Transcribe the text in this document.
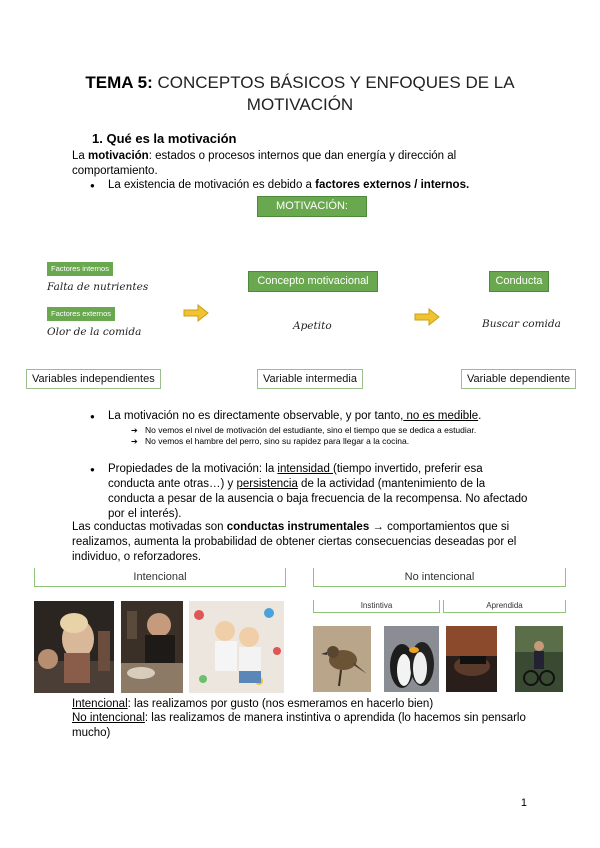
TEMA 5: CONCEPTOS BÁSICOS Y ENFOQUES DE LA MOTIVACIÓN
1. Qué es la motivación
La motivación: estados o procesos internos que dan energía y dirección al comportamiento.
● La existencia de motivación es debido a factores externos / internos.
MOTIVACIÓN:
Factores internos
Falta de nutrientes
Factores externos
Olor de la comida
Concepto motivacional
Apetito
Conducta
Buscar comida
Variables independientes	Variable intermedia	Variable dependiente
● La motivación no es directamente observable, y por tanto, no es medible.
➔ No vemos el nivel de motivación del estudiante, sino el tiempo que se dedica a estudiar.
➔ No vemos el hambre del perro, sino su rapidez para llegar a la cocina.
● Propiedades de la motivación: la intensidad (tiempo invertido, preferir esa conducta ante otras…) y persistencia de la actividad (mantenimiento de la conducta a pesar de la ausencia o baja frecuencia de la recompensa. No afectado por el interés).
Las conductas motivadas son conductas instrumentales → comportamientos que si realizamos, aumenta la probabilidad de obtener ciertas consecuencias deseadas por el individuo, o reforzadores.
Intencional	No intencional
Instintiva	Aprendida
Intencional: las realizamos por gusto (nos esmeramos en hacerlo bien)
No intencional: las realizamos de manera instintiva o aprendida (lo hacemos sin pensarlo mucho)
1
